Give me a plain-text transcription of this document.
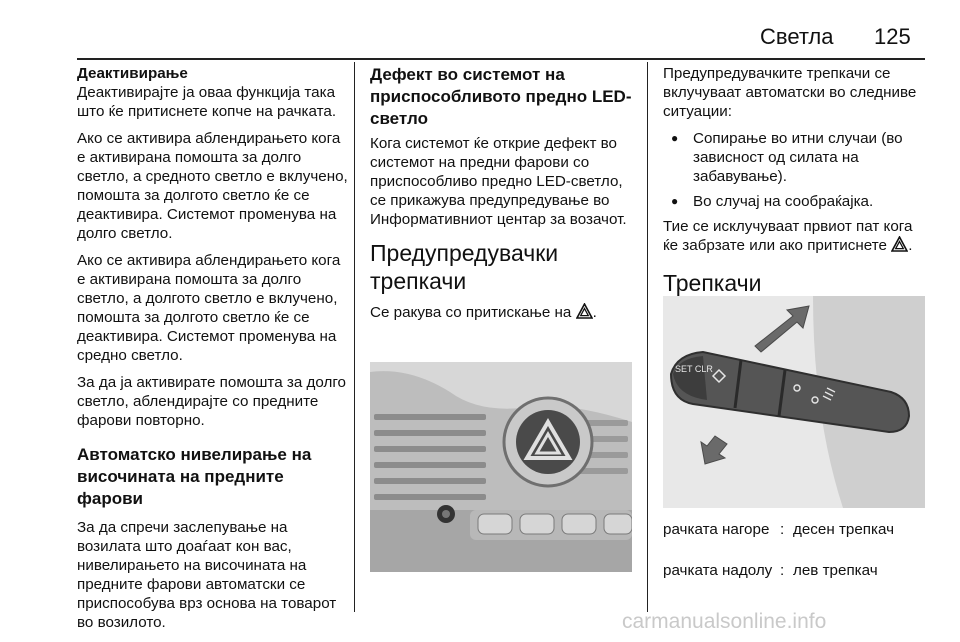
Светла 125
Деактивирање

Деактивирајте ја оваа функција така што ќе притиснете копче на рачката.

Ако се активира аблендирањето кога е активирана помошта за долго светло, а средното светло е вклучено, помошта за долгото светло ќе се деактивира. Системот променува на долго светло.

Ако се активира аблендирањето кога е активирана помошта за долго светло, а долгото светло е вклучено, помошта за долгото светло ќе се деактивира. Системот променува на средно светло.

За да ја активирате помошта за долго светло, аблендирајте со предните фарови повторно.

Автоматско нивелирање на височината на предните фарови

За да спречи заслепување на возилата што доаѓаат кон вас, нивелирањето на височината на предните фарови автоматски се приспособува врз основа на товарот во возилото.

Дефект во системот на приспособливото предно LED-светло

Кога системот ќе открие дефект во системот на предни фарови со приспособливо предно LED-светло, се прикажува предупредување во Информативниот центар за возачот.

Предупредувачки трепкачи

Се ракува со притискање на .

Предупредувачките трепкачи се вклучуваат автоматски во следниве ситуации:

● Сопирање во итни случаи (во зависност од силата на забавување).
● Во случај на сообраќајка.

Тие се исклучуваат првиот пат кога ќе забрзате или ако притиснете .

Трепкачи
SET CLR
рачката нагоре : десен трепкач
рачката надолу : лев трепкач
carmanualsonline.info
